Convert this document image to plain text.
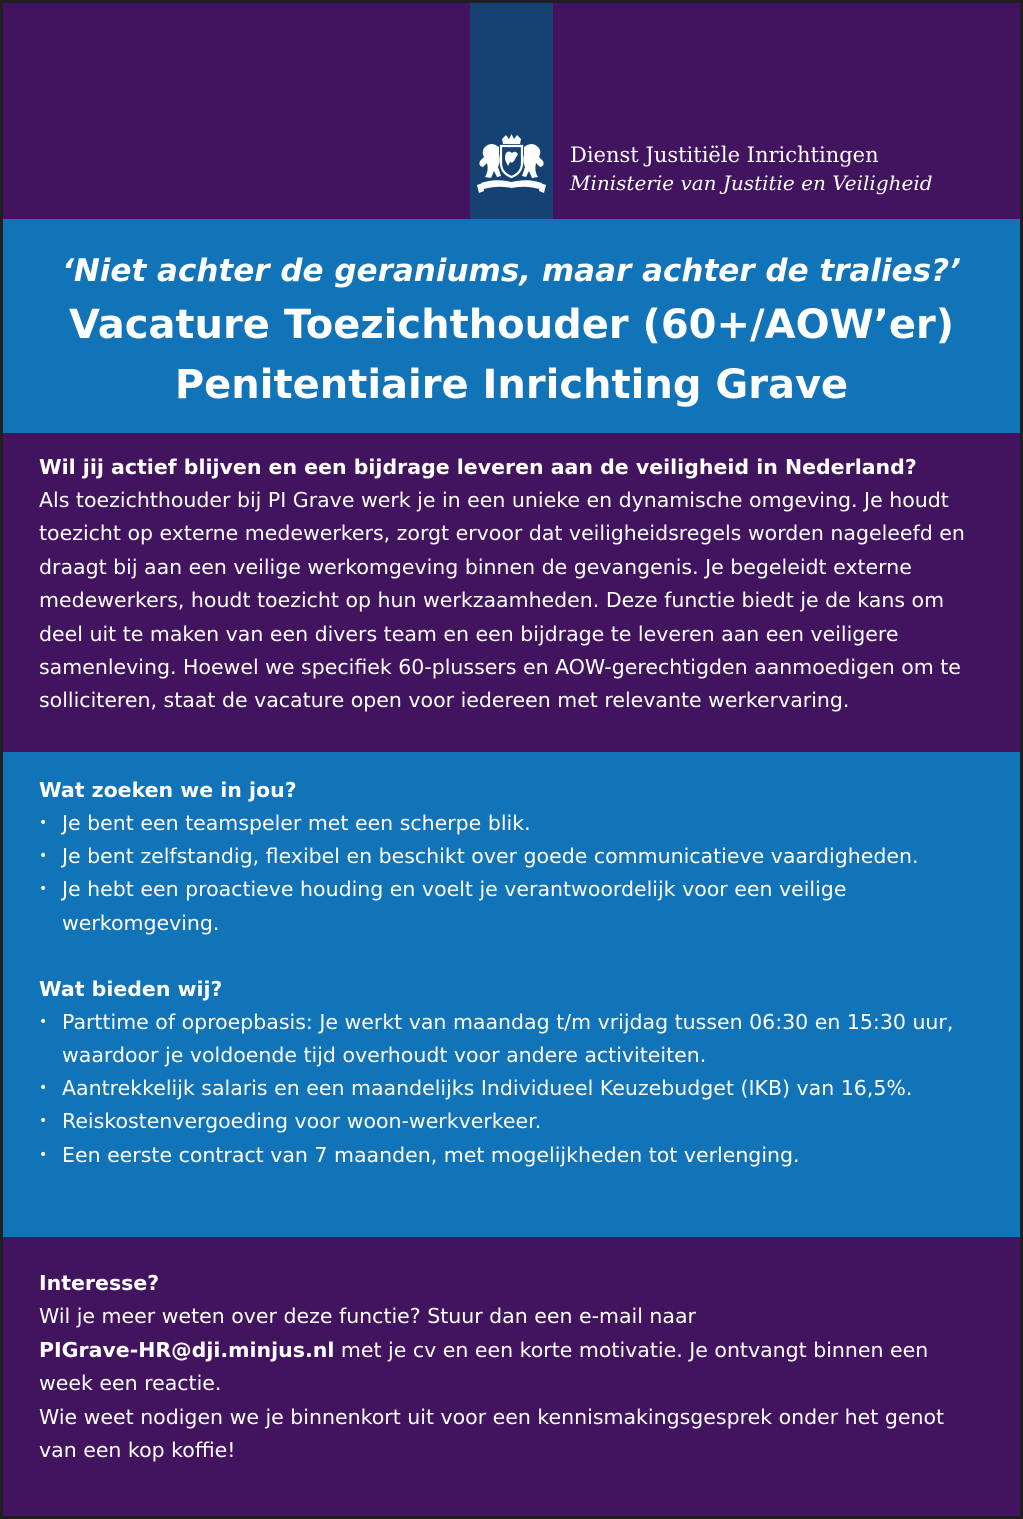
Dienst Justitiële Inrichtingen
Ministerie van Justitie en Veiligheid
‘Niet achter de geraniums, maar achter de tralies?’
Vacature Toezichthouder (60+/AOW’er)
Penitentiaire Inrichting Grave
Wil jij actief blijven en een bijdrage leveren aan de veiligheid in Nederland?

Als toezichthouder bij PI Grave werk je in een unieke en dynamische omgeving. Je houdt toezicht op externe medewerkers, zorgt ervoor dat veiligheidsregels worden nageleefd en draagt bij aan een veilige werkomgeving binnen de gevangenis. Je begeleidt externe medewerkers, houdt toezicht op hun werkzaamheden. Deze functie biedt je de kans om deel uit te maken van een divers team en een bijdrage te leveren aan een veiligere samenleving. Hoewel we specifiek 60-plussers en AOW-gerechtigden aanmoedigen om te solliciteren, staat de vacature open voor iedereen met relevante werkervaring.

Wat zoeken we in jou?
• Je bent een teamspeler met een scherpe blik.
• Je bent zelfstandig, flexibel en beschikt over goede communicatieve vaardigheden.
• Je hebt een proactieve houding en voelt je verantwoordelijk voor een veilige werkomgeving.
Wat bieden wij?
• Parttime of oproepbasis: Je werkt van maandag t/m vrijdag tussen 06:30 en 15:30 uur, waardoor je voldoende tijd overhoudt voor andere activiteiten.
• Aantrekkelijk salaris en een maandelijks Individueel Keuzebudget (IKB) van 16,5%.
• Reiskostenvergoeding voor woon-werkverkeer.
• Een eerste contract van 7 maanden, met mogelijkheden tot verlenging.

Interesse?

Wil je meer weten over deze functie? Stuur dan een e-mail naar
PIGrave-HR@dji.minjus.nl met je cv en een korte motivatie. Je ontvangt binnen een week een reactie.

Wie weet nodigen we je binnenkort uit voor een kennismakingsgesprek onder het genot van een kop koffie!
